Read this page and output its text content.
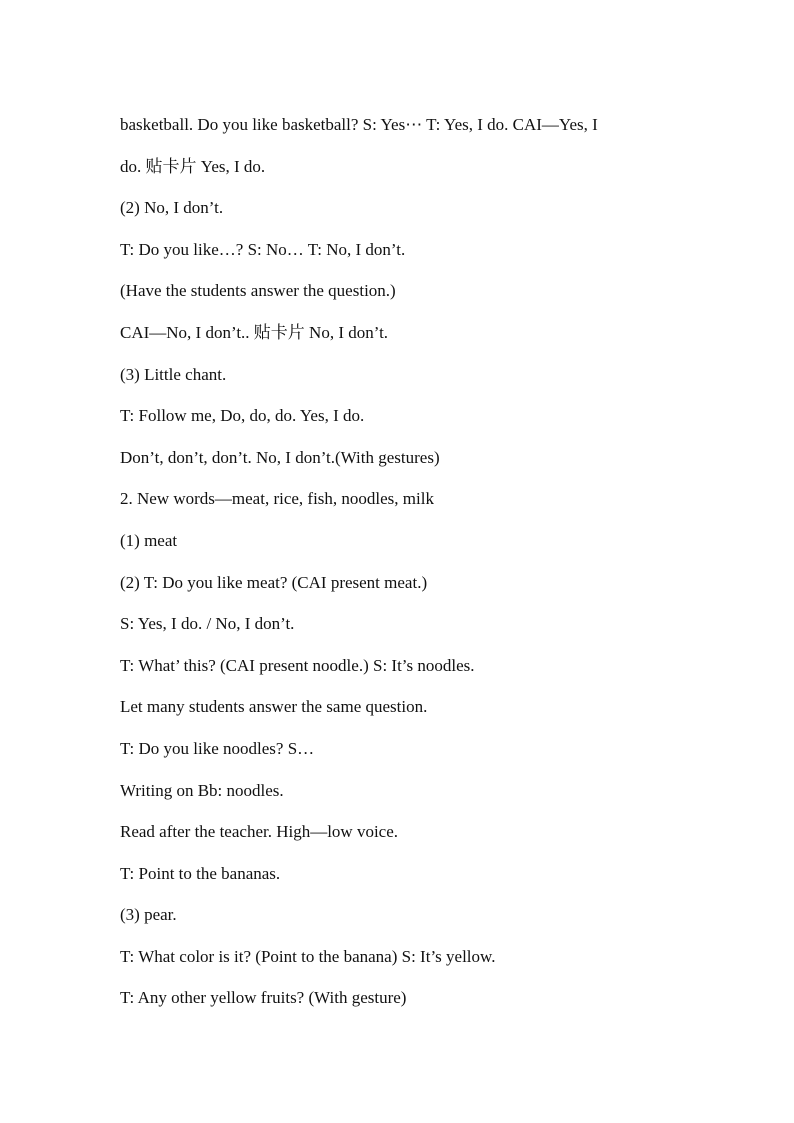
basketball. Do you like basketball? S: Yes⋯ T: Yes, I do. CAI—Yes, I

do. 贴卡片 Yes, I do.

(2) No, I don’t.

T: Do you like…? S: No… T: No, I don’t.

(Have the students answer the question.)

CAI—No, I don’t.. 贴卡片 No, I don’t.

(3) Little chant.

T: Follow me, Do, do, do. Yes, I do.

Don’t, don’t, don’t. No, I don’t.(With gestures)

2. New words—meat, rice, fish, noodles, milk

(1) meat

(2) T: Do you like meat? (CAI present meat.)

S: Yes, I do. / No, I don’t.

T: What’ this? (CAI present noodle.) S: It’s noodles.

Let many students answer the same question.

T: Do you like noodles? S…

Writing on Bb: noodles.

Read after the teacher. High—low voice.

T: Point to the bananas.

(3) pear.

T: What color is it? (Point to the banana) S: It’s yellow.

T: Any other yellow fruits? (With gesture)
